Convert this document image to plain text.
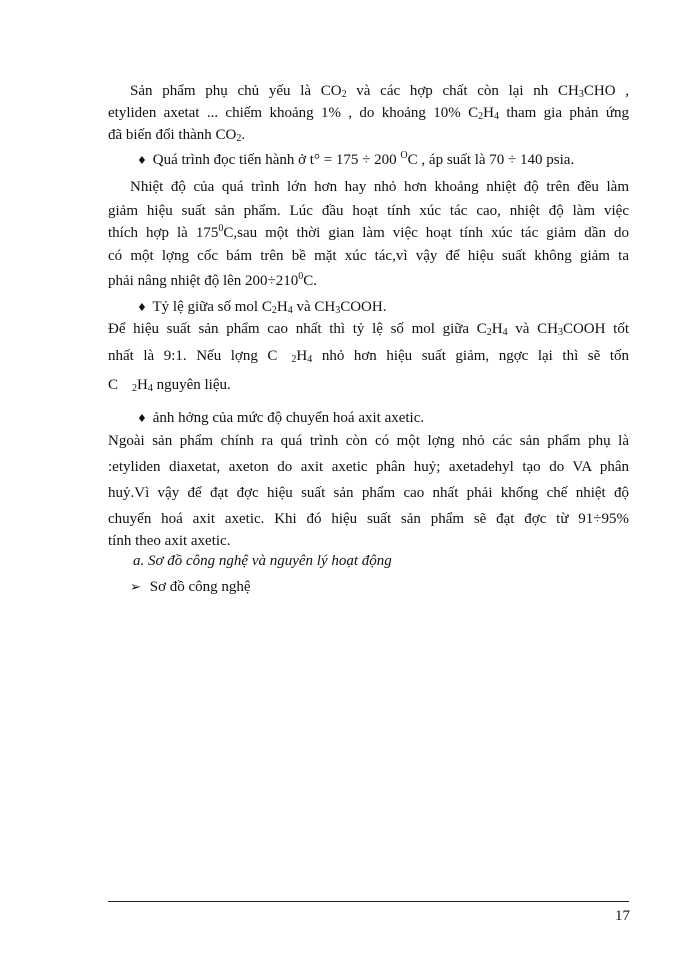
Sản phẩm phụ chủ yếu là $CO_2$ và các hợp chất còn lại nh $CH_3CHO$ ,
etyliden axetat ... chiếm khoảng 1% , do khoảng 10% $C_2H_4$ tham gia phản ứng
đã biến đổi thành $CO_2$.
♦ Quá trình đọc tiến hành ở t° = 175 ÷ 200 $^O$C , áp suất là 70 ÷ 140 psia.
Nhiệt độ của quá trình lớn hơn hay nhỏ hơn khoảng nhiệt độ trên đều làm
giảm hiệu suất sản phẩm. Lúc đầu hoạt tính xúc tác cao, nhiệt độ làm việc
thích hợp là $175^0C,sau$ một thời gian làm việc hoạt tính xúc tác giảm dần do
có một lợng cốc bám trên bề mặt xúc tác,vì vậy để hiệu suất không giảm ta
phải nâng nhiệt độ lên $200\div 210^0C$.
♦ Tỷ lệ giữa số mol $C_2H_4$ và $CH_3COOH$.
Để hiệu suất sản phẩm cao nhất thì tỷ lệ số mol giữa $C_2H_4$ và $CH_3COOH$ tốt
nhất là 9:1. Nếu lợng C $_2H_4$ nhỏ hơn hiệu suất giảm, ngợc lại thì sẽ tốn
C $_2H_4$ nguyên liệu.
♦ ảnh hởng của mức độ chuyển hoá axit axetic.
Ngoài sản phẩm chính ra quá trình còn có một lợng nhỏ các sản phẩm phụ là
:etyliden diaxetat, axeton do axit axetic phân huỷ; axetadehyl tạo do VA phân
huỷ.Vì vậy để đạt đợc hiệu suất sản phẩm cao nhất phải khống chế nhiệt độ
chuyển hoá axit axetic. Khi đó hiệu suất sản phẩm sẽ đạt đợc từ 91÷95%
tính theo axit axetic.
a. Sơ đồ công nghệ và nguyên lý hoạt động
➢ Sơ đồ công nghệ
17
